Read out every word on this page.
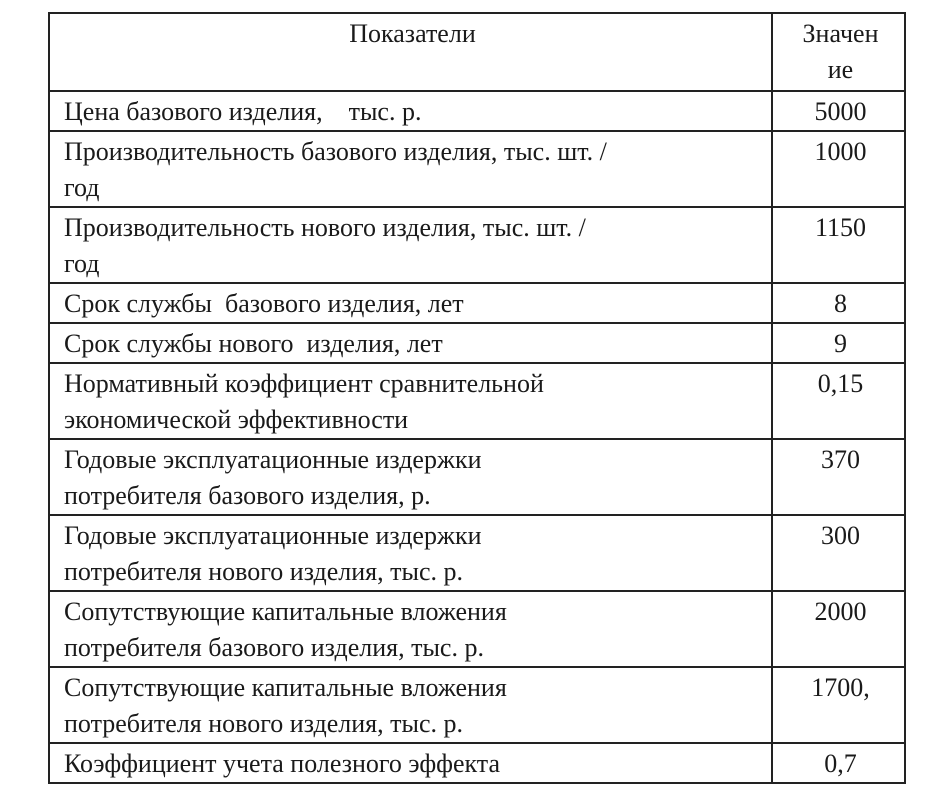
Показатели	Значен
ие

Цена базового изделия,    тыс. р.	5000

Производительность базового изделия, тыс. шт. /
год	1000

Производительность нового изделия, тыс. шт. /
год	1150

Срок службы  базового изделия, лет	8

Срок службы нового  изделия, лет	9

Нормативный коэффициент сравнительной
экономической эффективности	0,15

Годовые эксплуатационные издержки
потребителя базового изделия, р.	370

Годовые эксплуатационные издержки
потребителя нового изделия, тыс. р.	300

Сопутствующие капитальные вложения
потребителя базового изделия, тыс. р.	2000

Сопутствующие капитальные вложения
потребителя нового изделия, тыс. р.	1700,

Коэффициент учета полезного эффекта	0,7
